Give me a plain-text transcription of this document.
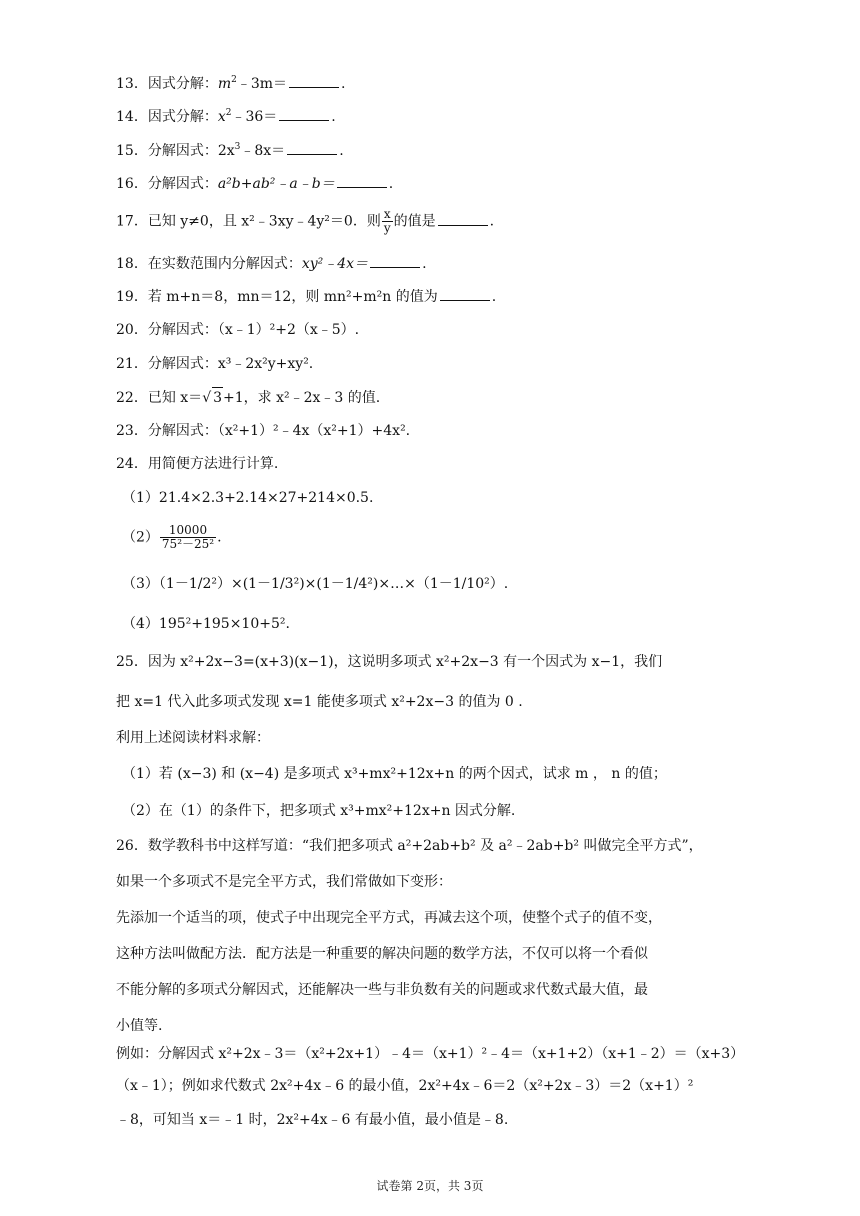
13．因式分解：$m^2﹣3m=$	.
14．因式分解：$x^2﹣36=$	.
15．分解因式：$2x^3﹣8x=$	.
16．分解因式：a²b+ab²﹣a﹣b＝	.
17．已知 y≠0，且 x²﹣3xy﹣4y²＝0．则 $\frac{x}{y}$ 的值是	.
18．在实数范围内分解因式：xy²﹣4x＝	.
19．若 m+n＝8，mn＝12，则 mn²+m²n 的值为	.
20．分解因式：（x﹣1）²+2（x﹣5）.
21．分解因式：x³﹣2x²y+xy².
22．已知 x＝√ 3+1，求 x²﹣2x﹣3 的值.
23．分解因式：（x²+1）²﹣4x（x²+1）+4x².
24．用简便方法进行计算.
（1）21.4×2.3+2.14×27+214×0.5.
$(2) \frac{10000}{\text{75²－25²}}$ .
（3）（1－1/2²）×(1－1/3²)×(1－1/4²)×…×（1－1/10²）.
（4）195²+195×10+5².
25．因为 x²+2x−3=(x+3)(x−1)，这说明多项式 x²+2x−3 有一个因式为 x−1，我们
把 x=1 代入此多项式发现 x=1 能使多项式 x²+2x−3 的值为 0 .
利用上述阅读材料求解：
（1）若 (x−3) 和 (x−4) 是多项式 x³+mx²+12x+n 的两个因式，试求 m ， n 的值；
（2）在（1）的条件下，把多项式 x³+mx²+12x+n 因式分解.
26．数学教科书中这样写道：“我们把多项式 a²+2ab+b² 及 a²﹣2ab+b² 叫做完全平方式”，
如果一个多项式不是完全平方式，我们常做如下变形：
先添加一个适当的项，使式子中出现完全平方式，再减去这个项，使整个式子的值不变，
这种方法叫做配方法．配方法是一种重要的解决问题的数学方法，不仅可以将一个看似
不能分解的多项式分解因式，还能解决一些与非负数有关的问题或求代数式最大值，最
小值等.
例如：分解因式 x²+2x﹣3＝（x²+2x+1）﹣4＝（x+1）²﹣4＝（x+1+2）（x+1﹣2）＝（x+3）
（x﹣1）；例如求代数式 2x²+4x﹣6 的最小值，2x²+4x﹣6＝2（x²+2x﹣3）＝2（x+1）²
﹣8，可知当 x＝﹣1 时，2x²+4x﹣6 有最小值，最小值是﹣8.
试卷第 2页，共 3页
